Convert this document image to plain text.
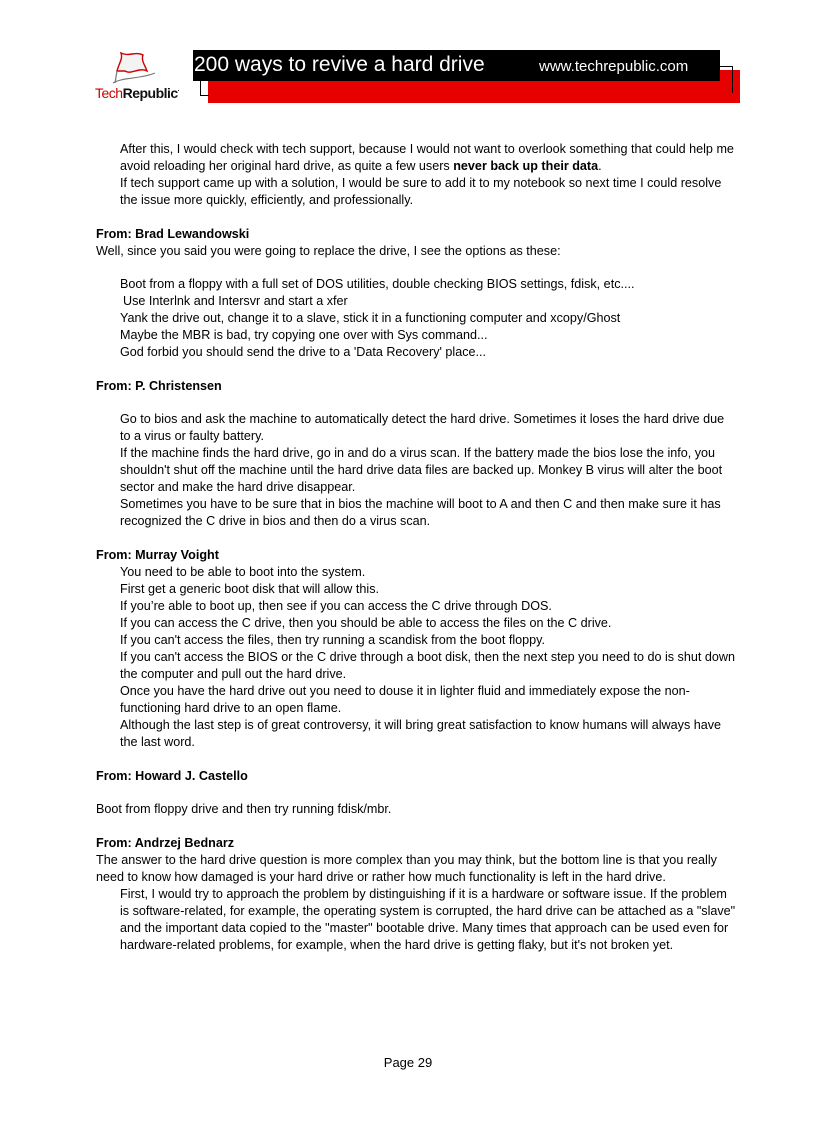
TechRepublic·
200 ways to revive a hard drive	www.techrepublic.com

After this, I would check with tech support, because I would not want to overlook something that could help me avoid reloading her original hard drive, as quite a few users never back up their data.

If tech support came up with a solution, I would be sure to add it to my notebook so next time I could resolve the issue more quickly, efficiently, and professionally.

From: Brad Lewandowski

Well, since you said you were going to replace the drive, I see the options as these:

Boot from a floppy with a full set of DOS utilities, double checking BIOS settings, fdisk, etc....

Use Interlnk and Intersvr and start a xfer

Yank the drive out, change it to a slave, stick it in a functioning computer and xcopy/Ghost

Maybe the MBR is bad, try copying one over with Sys command...

God forbid you should send the drive to a 'Data Recovery' place...

From: P. Christensen

Go to bios and ask the machine to automatically detect the hard drive. Sometimes it loses the hard drive due to a virus or faulty battery.

If the machine finds the hard drive, go in and do a virus scan. If the battery made the bios lose the info, you shouldn't shut off the machine until the hard drive data files are backed up. Monkey B virus will alter the boot sector and make the hard drive disappear.

Sometimes you have to be sure that in bios the machine will boot to A and then C and then make sure it has recognized the C drive in bios and then do a virus scan.

From: Murray Voight

You need to be able to boot into the system.

First get a generic boot disk that will allow this.

If you’re able to boot up, then see if you can access the C drive through DOS.

If you can access the C drive, then you should be able to access the files on the C drive.

If you can't access the files, then try running a scandisk from the boot floppy.

If you can't access the BIOS or the C drive through a boot disk, then the next step you need to do is shut down the computer and pull out the hard drive.

Once you have the hard drive out you need to douse it in lighter fluid and immediately expose the non-functioning hard drive to an open flame.

Although the last step is of great controversy, it will bring great satisfaction to know humans will always have the last word.

From: Howard J. Castello

Boot from floppy drive and then try running fdisk/mbr.

From: Andrzej Bednarz

The answer to the hard drive question is more complex than you may think, but the bottom line is that you really need to know how damaged is your hard drive or rather how much functionality is left in the hard drive.

First, I would try to approach the problem by distinguishing if it is a hardware or software issue. If the problem is software-related, for example, the operating system is corrupted, the hard drive can be attached as a "slave" and the important data copied to the "master" bootable drive. Many times that approach can be used even for hardware-related problems, for example, when the hard drive is getting flaky, but it's not broken yet.

Page 29
